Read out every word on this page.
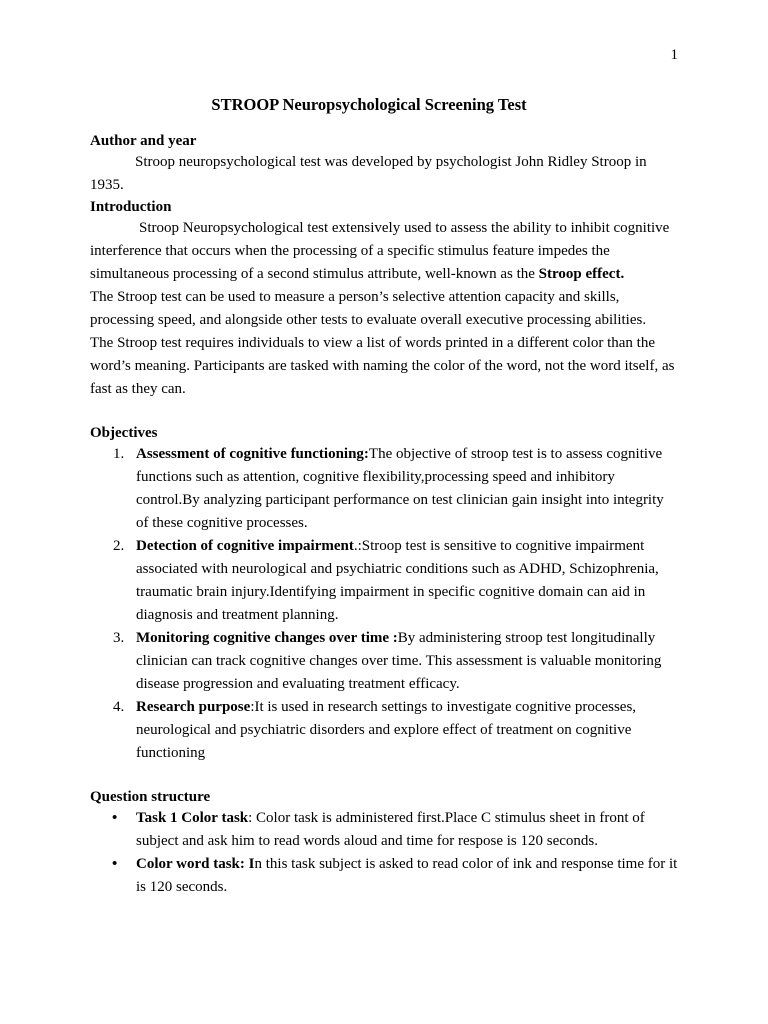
1
STROOP Neuropsychological Screening Test
Author and year

Stroop neuropsychological test was developed by psychologist John Ridley Stroop in 1935.

Introduction

Stroop Neuropsychological test extensively used to assess the ability to inhibit cognitive interference that occurs when the processing of a specific stimulus feature impedes the simultaneous processing of a second stimulus attribute, well-known as the Stroop effect.

The Stroop test can be used to measure a person’s selective attention capacity and skills, processing speed, and alongside other tests to evaluate overall executive processing abilities.

The Stroop test requires individuals to view a list of words printed in a different color than the word’s meaning. Participants are tasked with naming the color of the word, not the word itself, as fast as they can.

Objectives
1. Assessment of cognitive functioning:The objective of stroop test is to assess cognitive functions such as attention, cognitive flexibility,processing speed and inhibitory control.By analyzing participant performance on test clinician gain insight into integrity of these cognitive processes.
2. Detection of cognitive impairment.:Stroop test is sensitive to cognitive impairment associated with neurological and psychiatric conditions such as ADHD, Schizophrenia, traumatic brain injury.Identifying impairment in specific cognitive domain can aid in diagnosis and treatment planning.
3. Monitoring cognitive changes over time :By administering stroop test longitudinally clinician can track cognitive changes over time. This assessment is valuable monitoring disease progression and evaluating treatment efficacy.
4. Research purpose:It is used in research settings to investigate cognitive processes, neurological and psychiatric disorders and explore effect of treatment on cognitive functioning
Question structure
• Task 1 Color task: Color task is administered first.Place C stimulus sheet in front of subject and ask him to read words aloud and time for respose is 120 seconds.
• Color word task: In this task subject is asked to read color of ink and response time for it is 120 seconds.
